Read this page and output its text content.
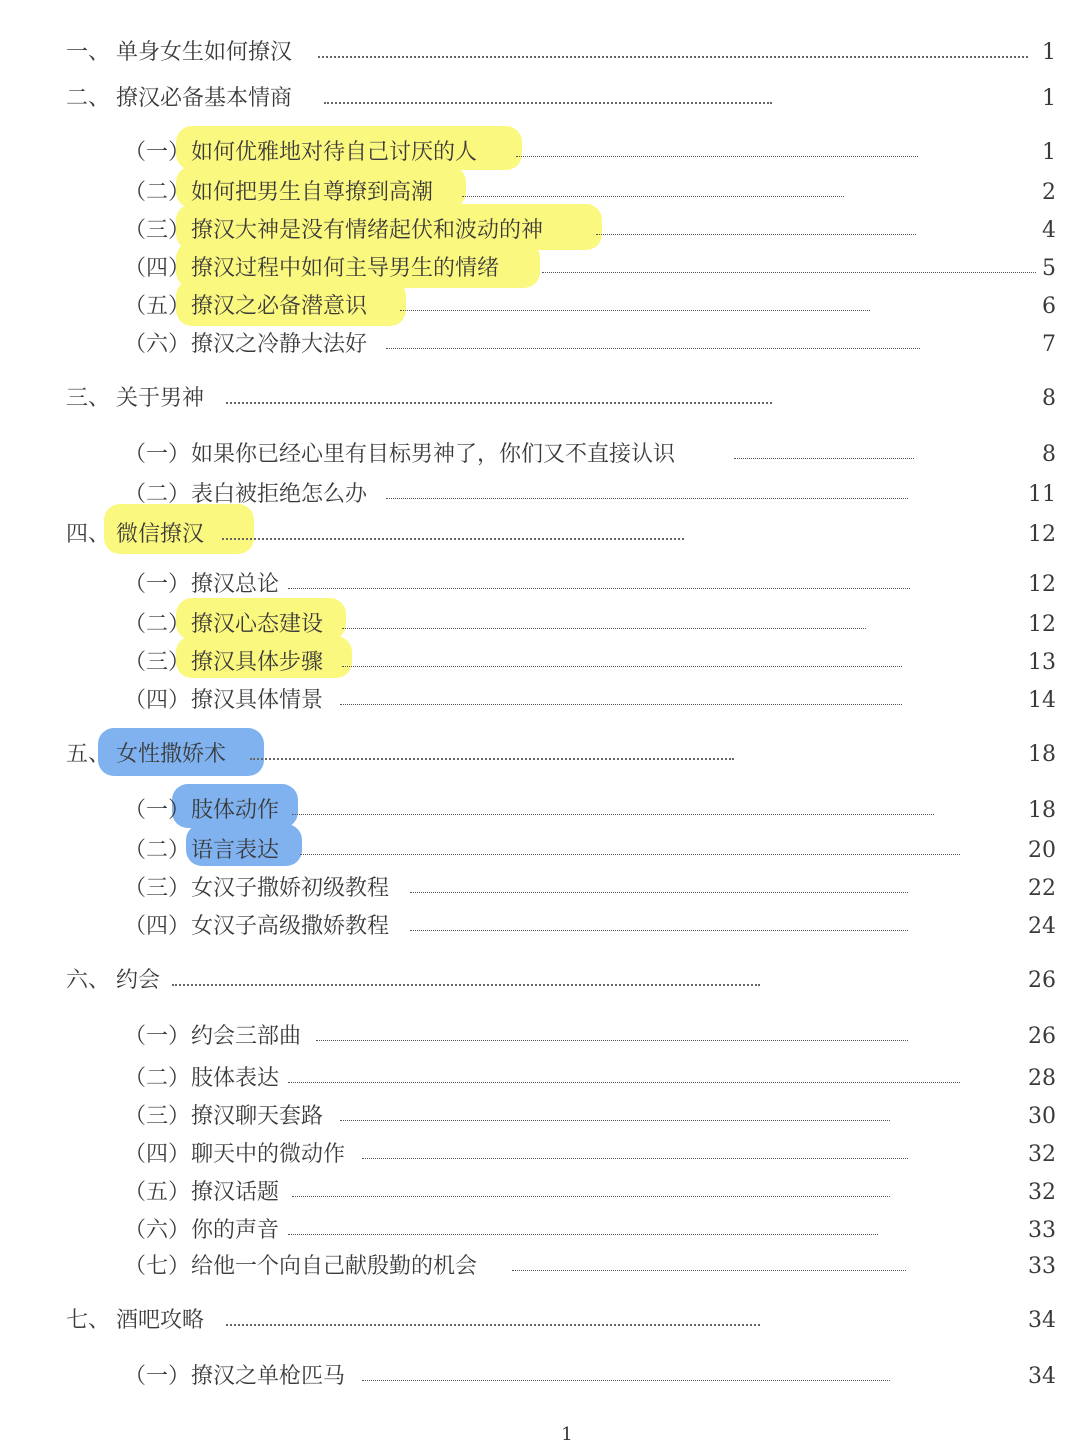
一、 单身女生如何撩汉	1
二、 撩汉必备基本情商	1
（一） 如何优雅地对待自己讨厌的人	1
（二） 如何把男生自尊撩到高潮	2
（三） 撩汉大神是没有情绪起伏和波动的神	4
（四） 撩汉过程中如何主导男生的情绪	5
（五） 撩汉之必备潜意识	6
（六） 撩汉之冷静大法好	7
三、 关于男神	8
（一） 如果你已经心里有目标男神了，你们又不直接认识	8
（二） 表白被拒绝怎么办	11
四、 微信撩汉	12
（一） 撩汉总论	12
（二） 撩汉心态建设	12
（三） 撩汉具体步骤	13
（四） 撩汉具体情景	14
五、 女性撒娇术	18
（一） 肢体动作	18
（二） 语言表达	20
（三） 女汉子撒娇初级教程	22
（四） 女汉子高级撒娇教程	24
六、 约会	26
（一） 约会三部曲	26
（二） 肢体表达	28
（三） 撩汉聊天套路	30
（四） 聊天中的微动作	32
（五） 撩汉话题	32
（六） 你的声音	33
（七） 给他一个向自己献殷勤的机会	33
七、 酒吧攻略	34
（一） 撩汉之单枪匹马	34
1
